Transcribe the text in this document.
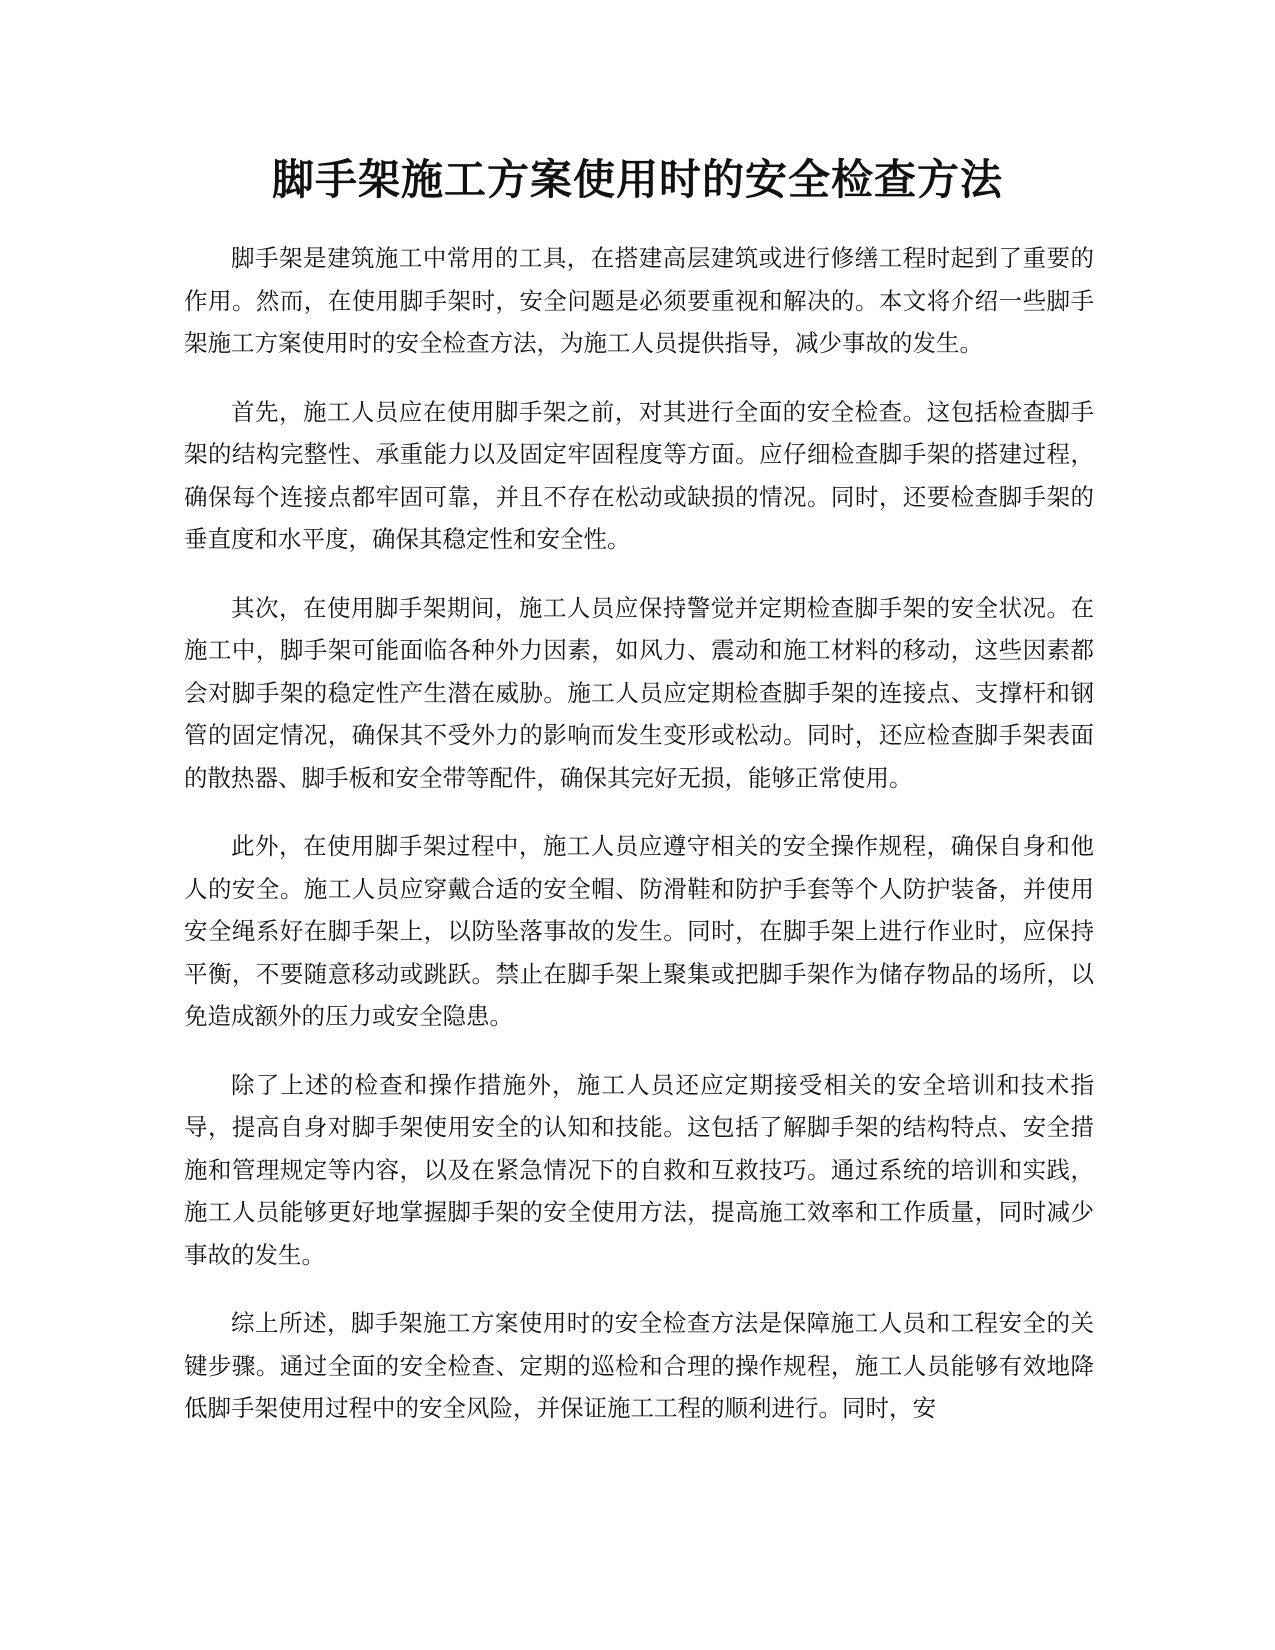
脚手架施工方案使用时的安全检查方法

脚手架是建筑施工中常用的工具，在搭建高层建筑或进行修缮工程时起到了重要的作用。然而，在使用脚手架时，安全问题是必须要重视和解决的。本文将介绍一些脚手架施工方案使用时的安全检查方法，为施工人员提供指导，减少事故的发生。

首先，施工人员应在使用脚手架之前，对其进行全面的安全检查。这包括检查脚手架的结构完整性、承重能力以及固定牢固程度等方面。应仔细检查脚手架的搭建过程，确保每个连接点都牢固可靠，并且不存在松动或缺损的情况。同时，还要检查脚手架的垂直度和水平度，确保其稳定性和安全性。

其次，在使用脚手架期间，施工人员应保持警觉并定期检查脚手架的安全状况。在施工中，脚手架可能面临各种外力因素，如风力、震动和施工材料的移动，这些因素都会对脚手架的稳定性产生潜在威胁。施工人员应定期检查脚手架的连接点、支撑杆和钢管的固定情况，确保其不受外力的影响而发生变形或松动。同时，还应检查脚手架表面的散热器、脚手板和安全带等配件，确保其完好无损，能够正常使用。

此外，在使用脚手架过程中，施工人员应遵守相关的安全操作规程，确保自身和他人的安全。施工人员应穿戴合适的安全帽、防滑鞋和防护手套等个人防护装备，并使用安全绳系好在脚手架上，以防坠落事故的发生。同时，在脚手架上进行作业时，应保持平衡，不要随意移动或跳跃。禁止在脚手架上聚集或把脚手架作为储存物品的场所，以免造成额外的压力或安全隐患。

除了上述的检查和操作措施外，施工人员还应定期接受相关的安全培训和技术指导，提高自身对脚手架使用安全的认知和技能。这包括了解脚手架的结构特点、安全措施和管理规定等内容，以及在紧急情况下的自救和互救技巧。通过系统的培训和实践，施工人员能够更好地掌握脚手架的安全使用方法，提高施工效率和工作质量，同时减少事故的发生。

综上所述，脚手架施工方案使用时的安全检查方法是保障施工人员和工程安全的关键步骤。通过全面的安全检查、定期的巡检和合理的操作规程，施工人员能够有效地降低脚手架使用过程中的安全风险，并保证施工工程的顺利进行。同时，安
